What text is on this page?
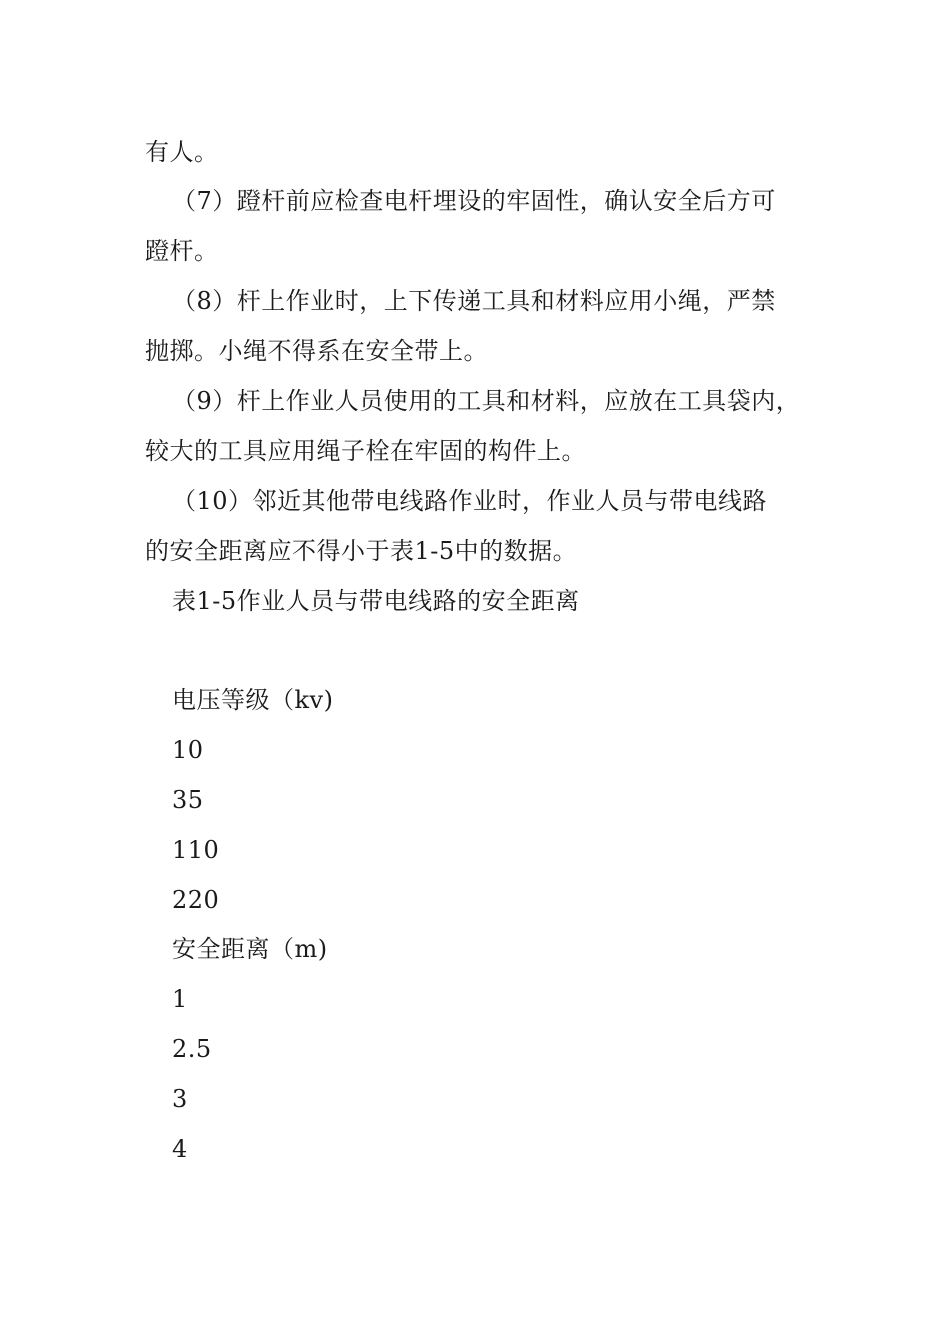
有人。
（7）蹬杆前应检查电杆埋设的牢固性，确认安全后方可
蹬杆。
（8）杆上作业时，上下传递工具和材料应用小绳，严禁
抛掷。小绳不得系在安全带上。
（9）杆上作业人员使用的工具和材料，应放在工具袋内，
较大的工具应用绳子栓在牢固的构件上。
（10）邻近其他带电线路作业时，作业人员与带电线路
的安全距离应不得小于表1-5中的数据。
表1-5作业人员与带电线路的安全距离
电压等级（kv)
10
35
110
220
安全距离（m)
1
2.5
3
4
